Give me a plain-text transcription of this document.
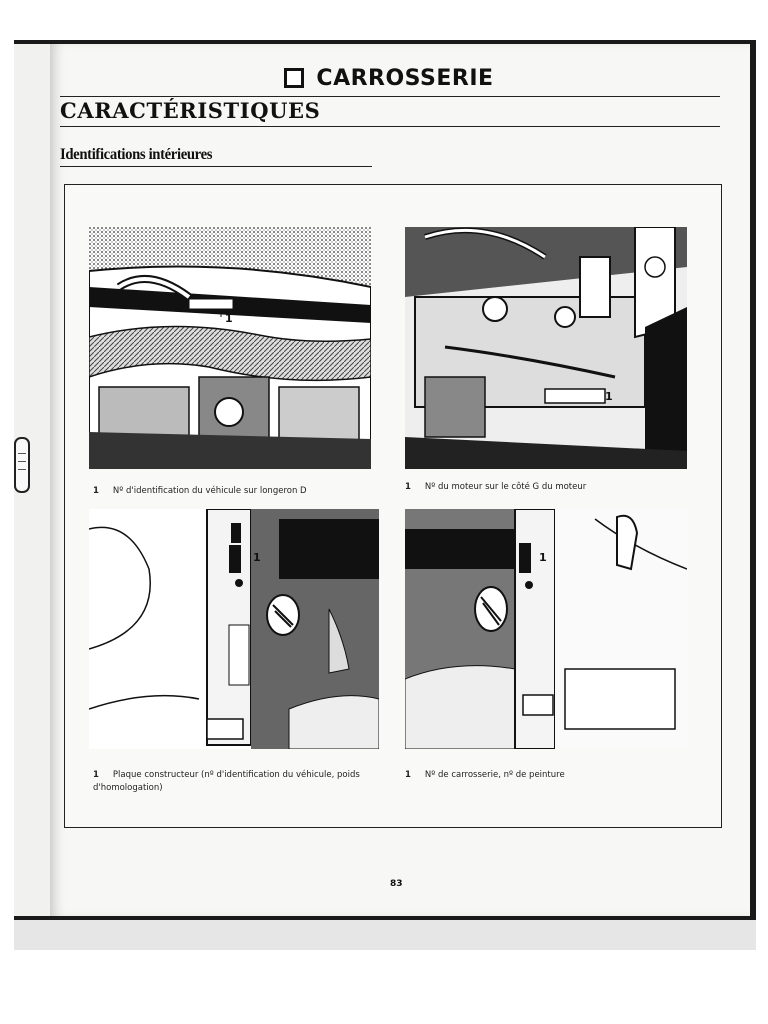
CARROSSERIE
CARACTÉRISTIQUES
Identifications intérieures
1
1
1 Nº d'identification du véhicule sur longeron D	1 Nº du moteur sur le côté G du moteur
1	1
1 Plaque constructeur (nº d'identification du véhicule, poids d'homologation)
1 Nº de carrosserie, nº de peinture
83
